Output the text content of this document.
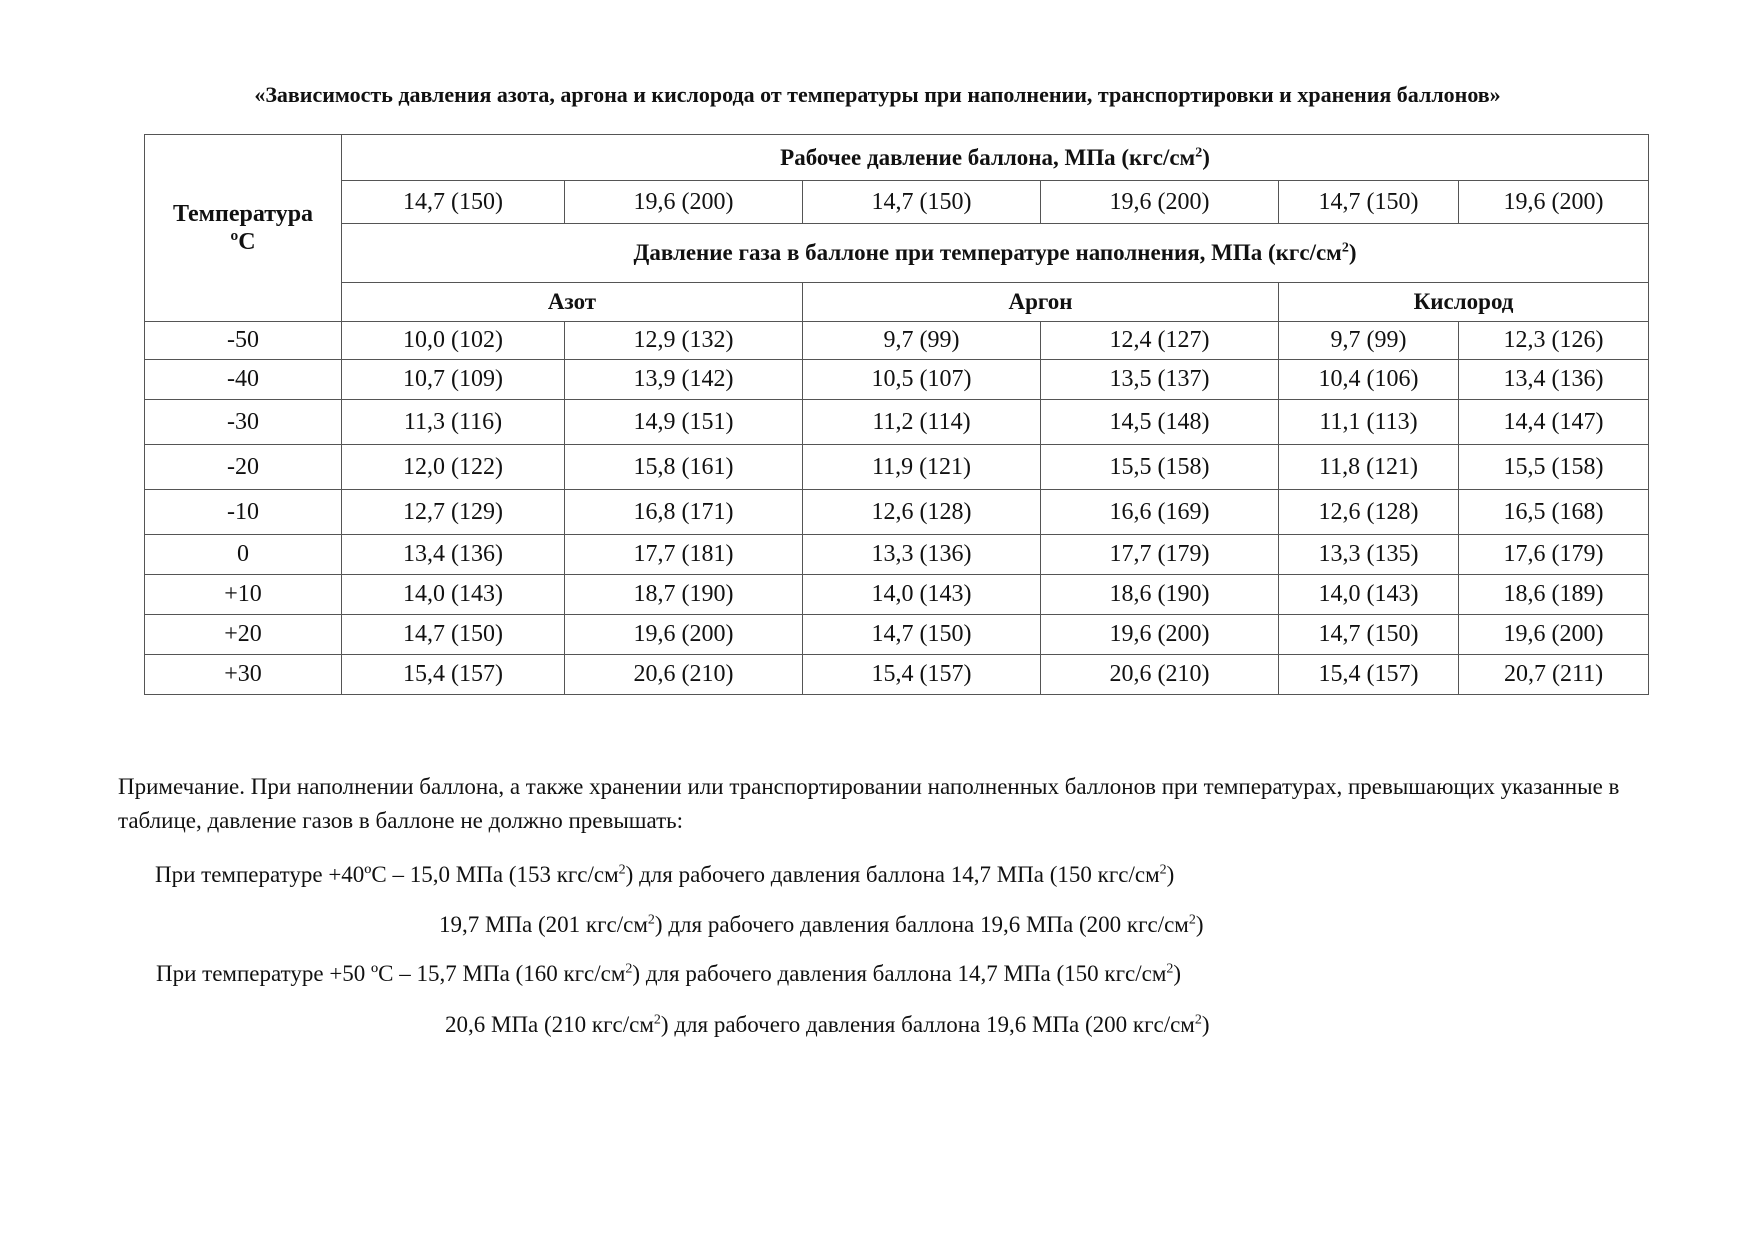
«Зависимость давления азота, аргона и кислорода от температуры при наполнении, транспортировки и хранения баллонов»
Температура
ºС	Рабочее давление баллона, МПа $(кгс/см^2)$					
	14,7 (150)	19,6 (200)	14,7 (150)	19,6 (200)	14,7 (150)	19,6 (200)
	Давление газа в баллоне при температуре наполнения, МПа $(кгс/см^2)$					
	Азот		Аргон		Кислород	
-50	10,0 (102)	12,9 (132)	9,7 (99)	12,4 (127)	9,7 (99)	12,3 (126)
-40	10,7 (109)	13,9 (142)	10,5 (107)	13,5 (137)	10,4 (106)	13,4 (136)
-30	11,3 (116)	14,9 (151)	11,2 (114)	14,5 (148)	11,1 (113)	14,4 (147)
-20	12,0 (122)	15,8 (161)	11,9 (121)	15,5 (158)	11,8 (121)	15,5 (158)
-10	12,7 (129)	16,8 (171)	12,6 (128)	16,6 (169)	12,6 (128)	16,5 (168)
0	13,4 (136)	17,7 (181)	13,3 (136)	17,7 (179)	13,3 (135)	17,6 (179)
+10	14,0 (143)	18,7 (190)	14,0 (143)	18,6 (190)	14,0 (143)	18,6 (189)
+20	14,7 (150)	19,6 (200)	14,7 (150)	19,6 (200)	14,7 (150)	19,6 (200)
+30	15,4 (157)	20,6 (210)	15,4 (157)	20,6 (210)	15,4 (157)	20,7 (211)
Примечание. При наполнении баллона, а также хранении или транспортировании наполненных баллонов при температурах, превышающих указанные в таблице, давление газов в баллоне не должно превышать:
При температуре +40ºС – 15,0 МПа (153 кгс/$см^2$) для рабочего давления баллона 14,7 МПа (150 кгс/$см^2$)
19,7 МПа (201 кгс/$см^2$) для рабочего давления баллона 19,6 МПа (200 кгс/$см^2$)
При температуре +50 ºС – 15,7 МПа (160 кгс/$см^2$) для рабочего давления баллона 14,7 МПа (150 кгс/$см^2$)
20,6 МПа (210 кгс/$см^2$) для рабочего давления баллона 19,6 МПа (200 кгс/$см^2$)
